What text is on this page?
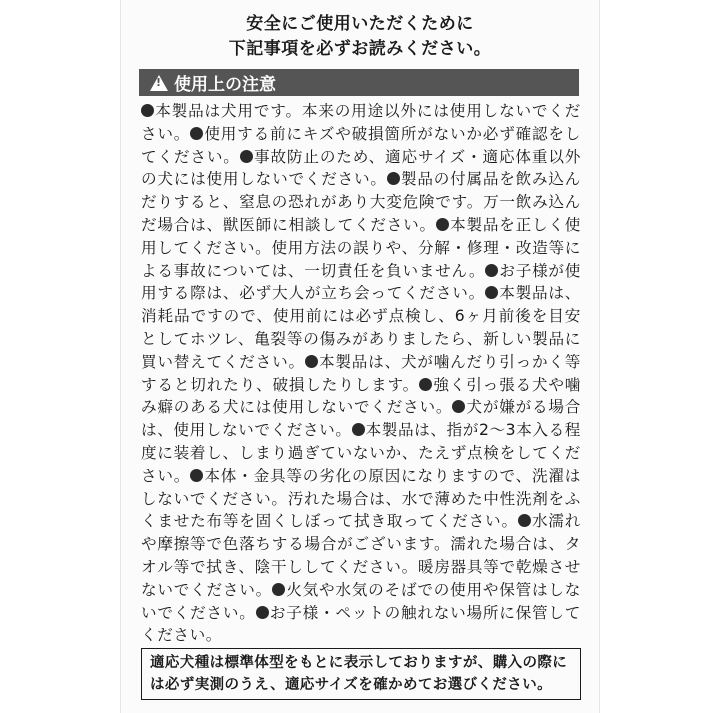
安全にご使用いただくために
下記事項を必ずお読みください。
!
使用上の注意
本製品は犬用です。本来の用途以外には使用しないでください。 使用する前にキズや破損箇所がないか必ず確認をしてください。 事故防止のため、適応サイズ・適応体重以外の犬には使用しないでください。 製品の付属品を飲み込んだりすると、窒息の恐れがあり大変危険です。万一飲み込んだ場合は、獣医師に相談してください。 本製品を正しく使用してください。使用方法の誤りや、分解・修理・改造等による事故については、一切責任を負いません。 お子様が使用する際は、必ず大人が立ち会ってください。 本製品は、消耗品ですので、使用前には必ず点検し、6ヶ月前後を目安としてホツレ、亀裂等の傷みがありましたら、新しい製品に買い替えてください。 本製品は、犬が噛んだり引っかく等すると切れたり、破損したりします。 強く引っ張る犬や噛み癖のある犬には使用しないでください。 犬が嫌がる場合は、使用しないでください。 本製品は、指が2～3本入る程度に装着し、しまり過ぎていないか、たえず点検をしてください。 本体・金具等の劣化の原因になりますので、洗濯はしないでください。汚れた場合は、水で薄めた中性洗剤をふくませた布等を固くしぼって拭き取ってください。 水濡れや摩擦等で色落ちする場合がございます。濡れた場合は、タオル等で拭き、陰干ししてください。暖房器具等で乾燥させないでください。 火気や水気のそばでの使用や保管はしないでください。 お子様・ペットの触れない場所に保管してください。
適応犬種は標準体型をもとに表示しておりますが、購入の際には必ず実測のうえ、適応サイズを確かめてお選びください。
